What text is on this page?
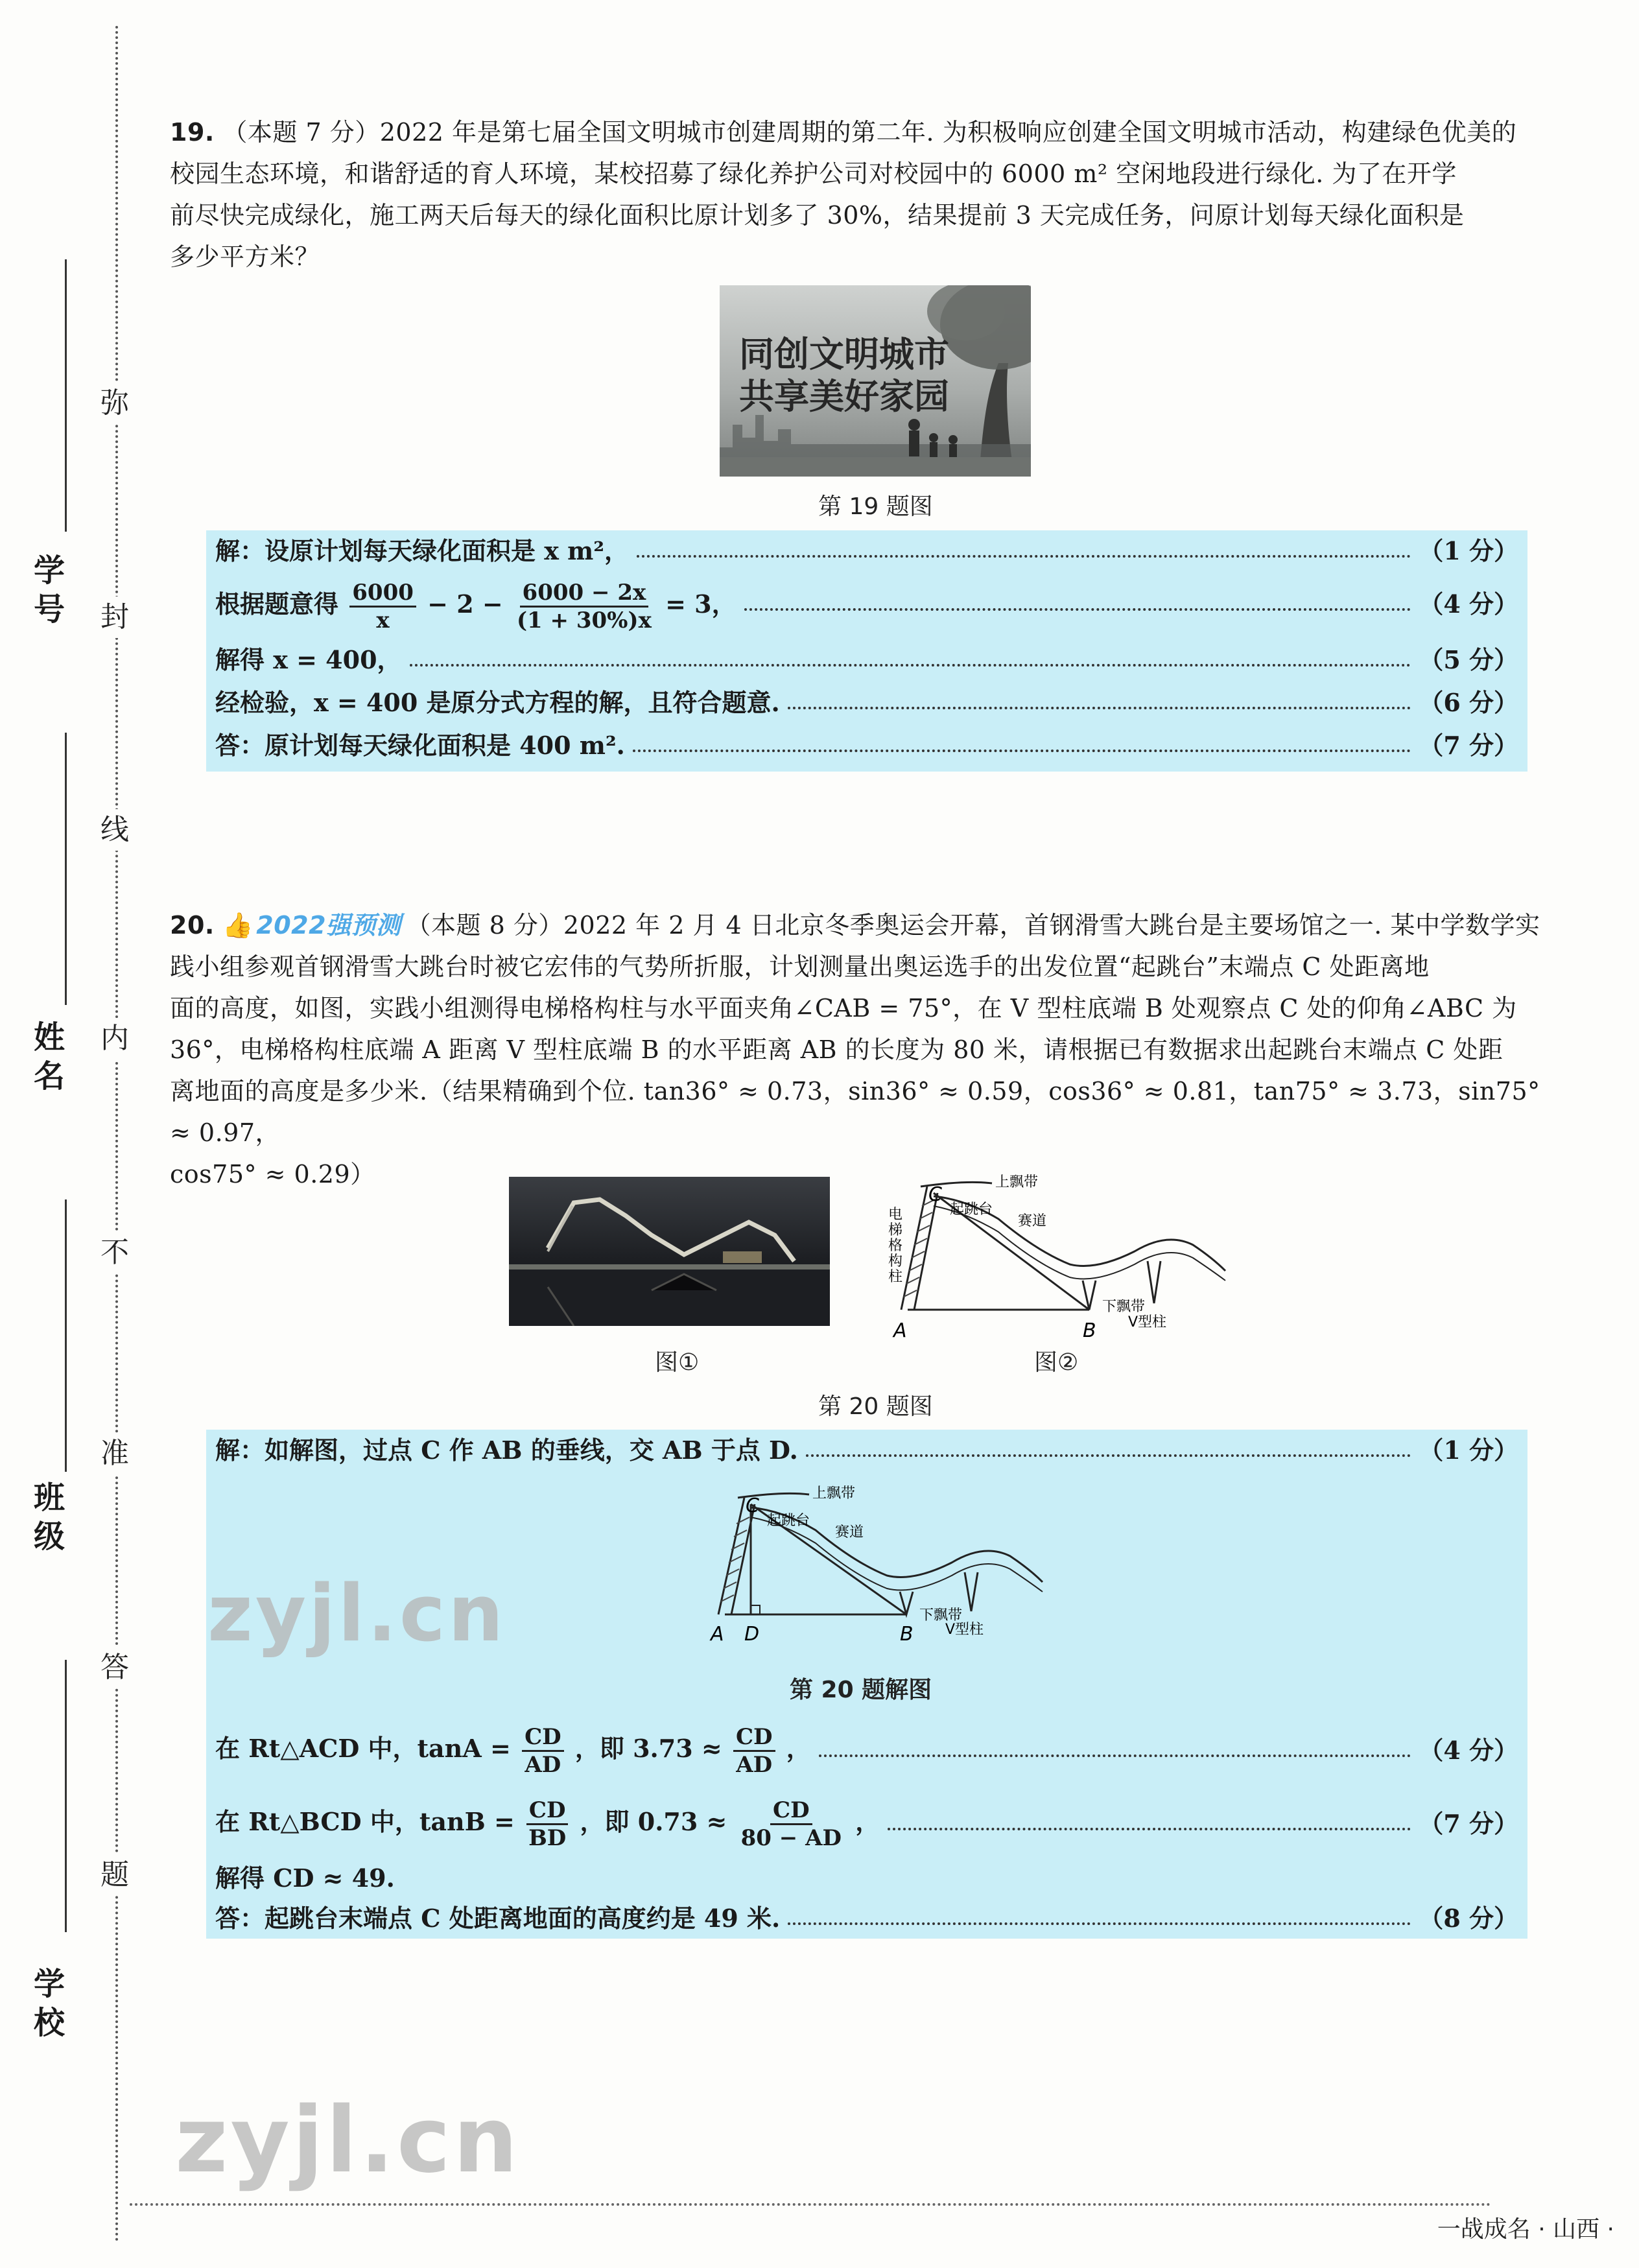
弥
封
线
内
不
准
答
题
学
号
姓
名
班
级
学
校
19. （本题 7 分）2022 年是第七届全国文明城市创建周期的第二年. 为积极响应创建全国文明城市活动，构建绿色优美的
校园生态环境，和谐舒适的育人环境，某校招募了绿化养护公司对校园中的 6000 m² 空闲地段进行绿化. 为了在开学
前尽快完成绿化，施工两天后每天的绿化面积比原计划多了 30%，结果提前 3 天完成任务，问原计划每天绿化面积是
多少平方米？
同创文明城市
共享美好家园
第 19 题图
解：设原计划每天绿化面积是 x m²，	（1 分）
根据题意得 $\frac{6000}{x} - 2 - \frac{6000 - 2x}{(1 + 30\%)x} = 3$，	（4 分）
解得 x = 400，	（5 分）
经检验，x = 400 是原分式方程的解，且符合题意.	（6 分）
答：原计划每天绿化面积是 400 m².	（7 分）
20. 👍 2022强预测 （本题 8 分）2022 年 2 月 4 日北京冬季奥运会开幕，首钢滑雪大跳台是主要场馆之一. 某中学数学实
践小组参观首钢滑雪大跳台时被它宏伟的气势所折服，计划测量出奥运选手的出发位置“起跳台”末端点 C 处距离地
面的高度，如图，实践小组测得电梯格构柱与水平面夹角∠CAB = 75°，在 V 型柱底端 B 处观察点 C 处的仰角∠ABC 为
36°，电梯格构柱底端 A 距离 V 型柱底端 B 的水平距离 AB 的长度为 80 米，请根据已有数据求出起跳台末端点 C 处距
离地面的高度是多少米.（结果精确到个位. tan36° ≈ 0.73，sin36° ≈ 0.59，cos36° ≈ 0.81，tan75° ≈ 3.73，sin75° ≈ 0.97，
cos75° ≈ 0.29）
A	B
C
上飘带
起跳台
赛道
下飘带
V型柱
电
梯
格
构
柱
图①	图②
第 20 题图
解：如解图，过点 C 作 AB 的垂线，交 AB 于点 D.	（1 分）
A D	B
C
上飘带
起跳台
赛道
下飘带
V型柱
第 20 题解图
在 Rt△ACD 中，$\tan A = \frac{CD}{AD}$ ，即 $3.73 \approx \frac{CD}{AD}$ ，	（4 分）
在 Rt△BCD 中，$\tan B = \frac{CD}{BD}$ ，即 $0.73 \approx \frac{CD}{80 - AD}$ ，	（7 分）
解得 CD ≈ 49.
答：起跳台末端点 C 处距离地面的高度约是 49 米.	（8 分）
zyjl.cn
zyjl.cn
一战成名 · 山西 ·
